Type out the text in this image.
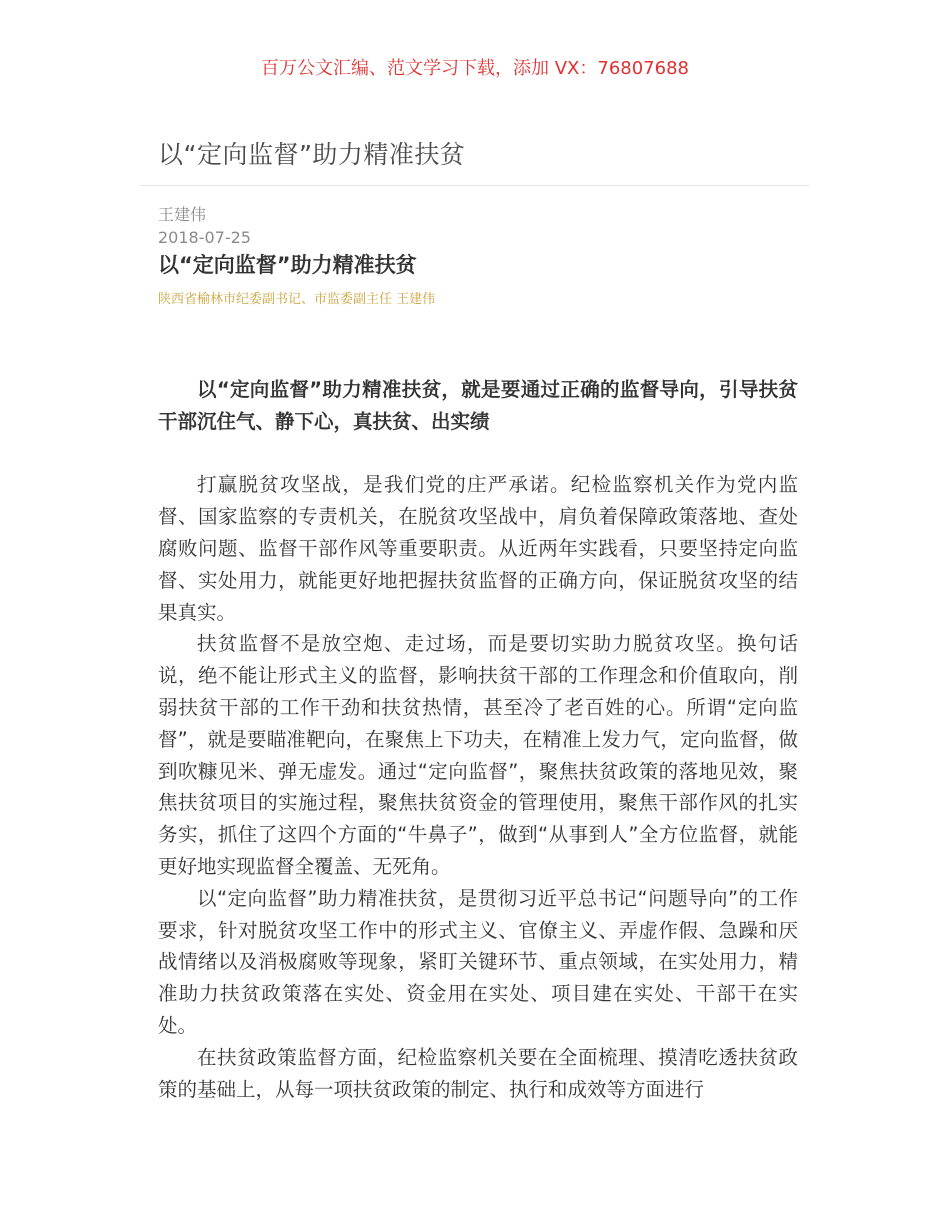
百万公文汇编、范文学习下载，添加 VX：76807688
以“定向监督”助力精准扶贫
王建伟
2018-07-25
以“定向监督”助力精准扶贫
陕西省榆林市纪委副书记、市监委副主任 王建伟

以“定向监督”助力精准扶贫，就是要通过正确的监督导向，引导扶贫干部沉住气、静下心，真扶贫、出实绩

打赢脱贫攻坚战，是我们党的庄严承诺。纪检监察机关作为党内监督、国家监察的专责机关，在脱贫攻坚战中，肩负着保障政策落地、查处腐败问题、监督干部作风等重要职责。从近两年实践看，只要坚持定向监督、实处用力，就能更好地把握扶贫监督的正确方向，保证脱贫攻坚的结果真实。

扶贫监督不是放空炮、走过场，而是要切实助力脱贫攻坚。换句话说，绝不能让形式主义的监督，影响扶贫干部的工作理念和价值取向，削弱扶贫干部的工作干劲和扶贫热情，甚至冷了老百姓的心。所谓“定向监督”，就是要瞄准靶向，在聚焦上下功夫，在精准上发力气，定向监督，做到吹糠见米、弹无虚发。通过“定向监督”，聚焦扶贫政策的落地见效，聚焦扶贫项目的实施过程，聚焦扶贫资金的管理使用，聚焦干部作风的扎实务实，抓住了这四个方面的“牛鼻子”，做到“从事到人”全方位监督，就能更好地实现监督全覆盖、无死角。

以“定向监督”助力精准扶贫，是贯彻习近平总书记“问题导向”的工作要求，针对脱贫攻坚工作中的形式主义、官僚主义、弄虚作假、急躁和厌战情绪以及消极腐败等现象，紧盯关键环节、重点领域，在实处用力，精准助力扶贫政策落在实处、资金用在实处、项目建在实处、干部干在实处。

在扶贫政策监督方面，纪检监察机关要在全面梳理、摸清吃透扶贫政策的基础上，从每一项扶贫政策的制定、执行和成效等方面进行
